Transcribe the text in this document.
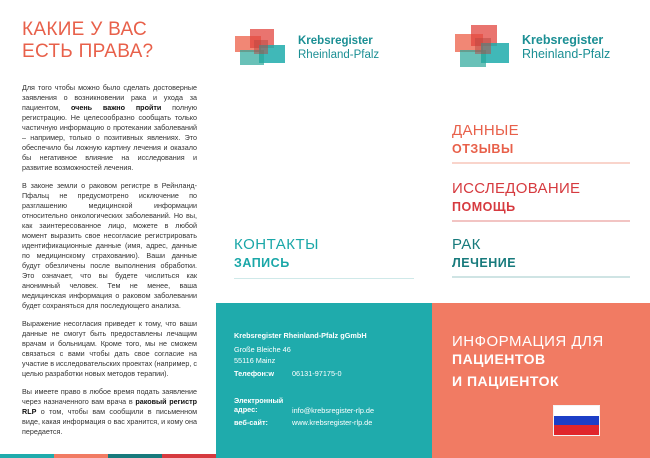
КАКИЕ У ВАС
ЕСТЬ ПРАВА?

Для того чтобы можно было сделать достоверные заявления о возникновении рака и ухода за пациентом, очень важно пройти полную регистрацию. Не целесообразно сообщать только частичную информацию о протекании заболеваний – например, только о позитивных явлениях. Это обеспечило бы ложную картину лечения и оказало бы негативное влияние на исследования и развитие возможностей лечения.

В законе земли о раковом регистре в Рейнланд-Пфальц не предусмотрено исключение по разглашению медицинской информации относительно онкологических заболеваний. Но вы, как заинтересованное лицо, можете в любой момент выразить свое несогласие регистрировать идентификационные данные (имя, адрес, данные по медицинскому страхованию). Ваши данные будут обезличены после выполнения обработки. Это означает, что вы будете числиться как анонимный человек. Тем не менее, ваша медицинская информация о раковом заболевании будет сохраняться для последующего анализа.

Выражение несогласия приведет к тому, что ваши данные не смогут быть предоставлены лечащим врачам и больницам. Кроме того, мы не сможем связаться с вами чтобы дать свое согласие на участие в исследовательских проектах (например, с целью разработки новых методов терапии).

Вы имеете право в любое время подать заявление через назначенного вам врача в раковый регистр RLP о том, чтобы вам сообщили в письменном виде, какая информация о вас хранится, и кому она передается.

Krebsregister
Rheinland-Pfalz
КОНТАКТЫ
ЗАПИСЬ
Krebsregister Rheinland-Pfalz gGmbH
Große Bleiche 46
55116 Mainz
Телефон:w	06131-97175-0
Электронный
адрес:	info@krebsregister-rlp.de
веб-сайт:	www.krebsregister-rlp.de
Krebsregister
Rheinland-Pfalz
ДАННЫЕ
ОТЗЫВЫ
ИССЛЕДОВАНИЕ
ПОМОЩЬ
РАК
ЛЕЧЕНИЕ
ИНФОРМАЦИЯ ДЛЯ
ПАЦИЕНТОВ
И ПАЦИЕНТОК
